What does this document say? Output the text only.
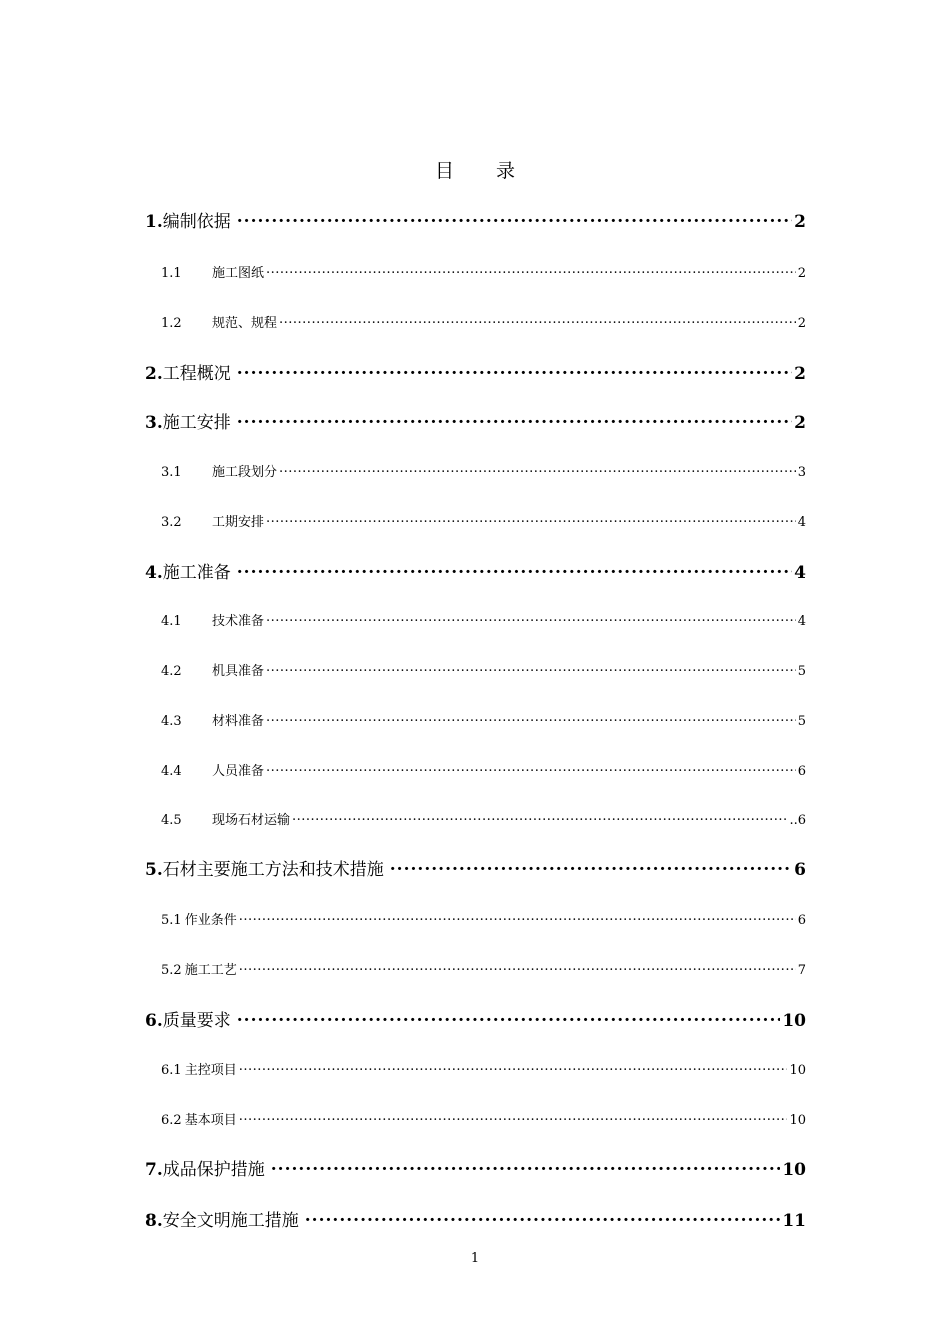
目 录
1. 编制依据 .....	2
1.1	施工图纸 .....	2
1.2	规范、规程 .....	2
2. 工程概况 .....	2
3. 施工安排 .....	2
3.1	施工段划分 .....	3
3.2	工期安排 .....	4
4. 施工准备 .....	4
4.1	技术准备 .....	4
4.2	机具准备 .....	5
4.3	材料准备 .....	5
4.4	人员准备 .....	6
4.5	现场石材运输 .....	..6
5. 石材主要施工方法和技术措施 .....	6
5.1 作业条件 .....	6
5.2 施工工艺 .....	7
6. 质量要求 .....	10
6.1 主控项目 .....	10
6.2 基本项目 .....	10
7. 成品保护措施 .....	10
8. 安全文明施工措施 .....	11
1
